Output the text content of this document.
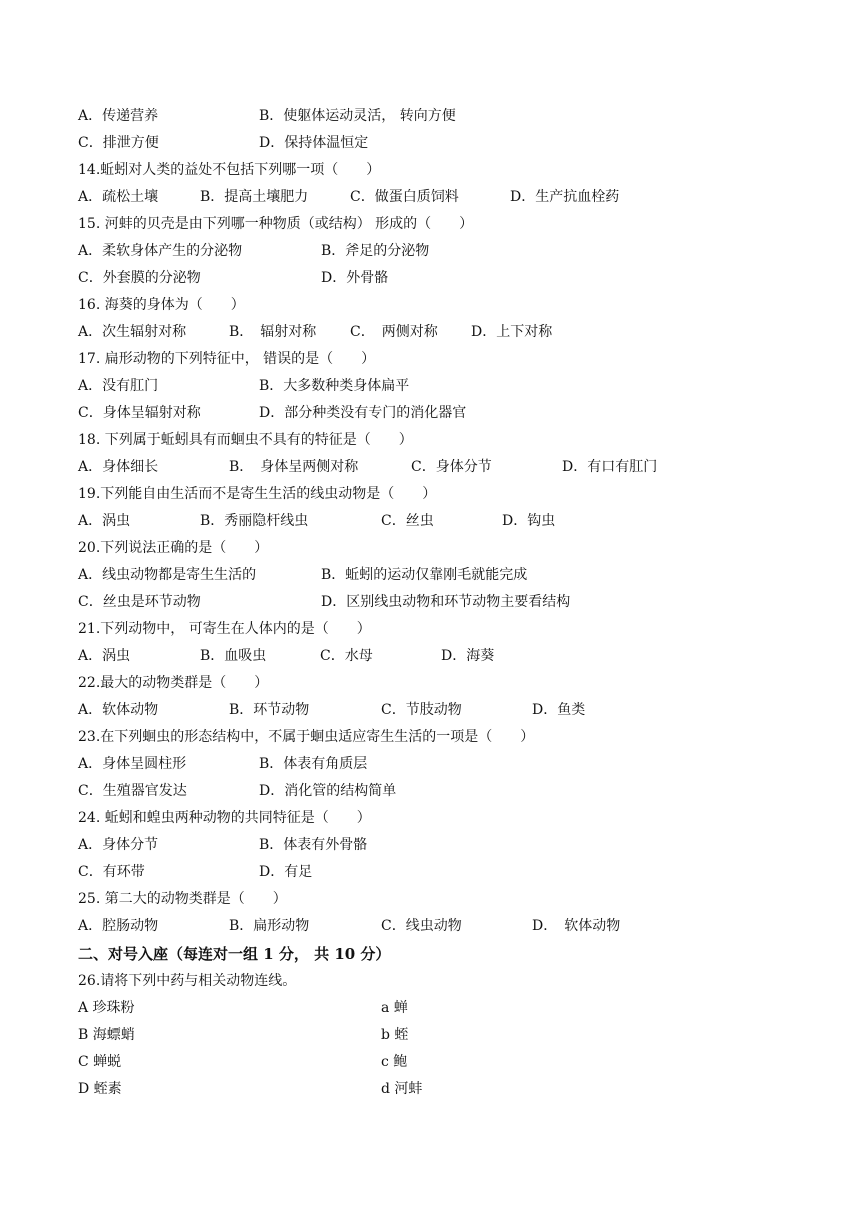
A．传递营养	B．使躯体运动灵活， 转向方便
C．排泄方便	D．保持体温恒定
14.蚯蚓对人类的益处不包括下列哪一项（　　）
A．疏松土壤	B．提高土壤肥力	C．做蛋白质饲料	D．生产抗血栓药
15. 河蚌的贝壳是由下列哪一种物质（或结构） 形成的（　　）
A．柔软身体产生的分泌物	B．斧足的分泌物
C．外套膜的分泌物	D．外骨骼
16. 海葵的身体为（　　）
A．次生辐射对称	B．　辐射对称 C．　两侧对称 D．上下对称
17. 扁形动物的下列特征中， 错误的是（　　）
A．没有肛门	B．大多数种类身体扁平
C．身体呈辐射对称	D．部分种类没有专门的消化器官
18. 下列属于蚯蚓具有而蛔虫不具有的特征是（　　）
A．身体细长	B．　身体呈两侧对称	C．身体分节	D．有口有肛门
19.下列能自由生活而不是寄生生活的线虫动物是（　　）
A．涡虫	B．秀丽隐杆线虫	C．丝虫	D．钩虫
20.下列说法正确的是（　　）
A．线虫动物都是寄生生活的	B．蚯蚓的运动仅靠刚毛就能完成
C．丝虫是环节动物	D．区别线虫动物和环节动物主要看结构
21.下列动物中， 可寄生在人体内的是（　　）
A．涡虫	B．血吸虫	C．水母	D．海葵
22.最大的动物类群是（　　）
A．软体动物	B．环节动物	C．节肢动物	D．鱼类
23.在下列蛔虫的形态结构中，不属于蛔虫适应寄生生活的一项是（　　）
A．身体呈圆柱形	B．体表有角质层
C．生殖器官发达	D．消化管的结构简单
24. 蚯蚓和蝗虫两种动物的共同特征是（　　）
A．身体分节	B．体表有外骨骼
C．有环带	D．有足
25. 第二大的动物类群是（　　）
A．腔肠动物	B．扁形动物	C．线虫动物	D．　软体动物
二、对号入座（每连对一组 1 分， 共 10 分）
26.请将下列中药与相关动物连线。
A 珍珠粉	a 蝉
B 海螵蛸	b 蛭
C 蝉蜕	c 鲍
D 蛭素	d 河蚌
